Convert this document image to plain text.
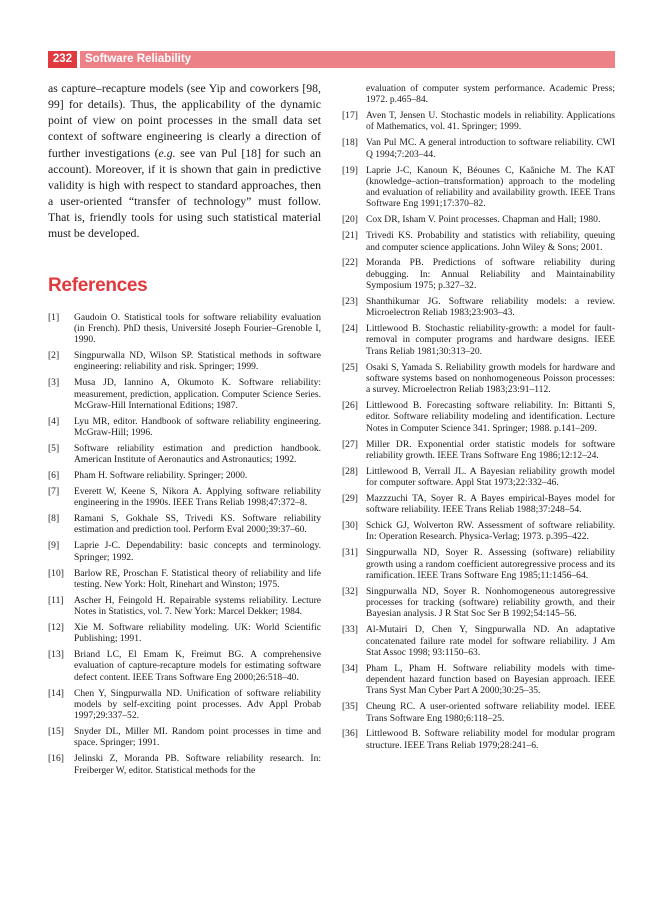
232	Software Reliability

as capture–recapture models (see Yip and coworkers [98, 99] for details). Thus, the applicability of the dynamic point of view on point processes in the small data set context of software engineering is clearly a direction of further investigations (e.g. see van Pul [18] for such an account). Moreover, if it is shown that gain in predictive validity is high with respect to standard approaches, then a user-oriented “transfer of technology” must follow. That is, friendly tools for using such statistical material must be developed.

References
[1]	Gaudoin O. Statistical tools for software reliability evaluation (in French). PhD thesis, Université Joseph Fourier–Grenoble I, 1990.
[2]	Singpurwalla ND, Wilson SP. Statistical methods in software engineering: reliability and risk. Springer; 1999.
[3]	Musa JD, Iannino A, Okumoto K. Software reliability: measurement, prediction, application. Computer Science Series. McGraw-Hill International Editions; 1987.
[4]	Lyu MR, editor. Handbook of software reliability engineering. McGraw-Hill; 1996.
[5]	Software reliability estimation and prediction handbook. American Institute of Aeronautics and Astronautics; 1992.
[6]	Pham H. Software reliability. Springer; 2000.
[7]	Everett W, Keene S, Nikora A. Applying software reliability engineering in the 1990s. IEEE Trans Reliab 1998;47:372–8.
[8]	Ramani S, Gokhale SS, Trivedi KS. Software reliability estimation and prediction tool. Perform Eval 2000;39:37–60.
[9]	Laprie J-C. Dependability: basic concepts and terminology. Springer; 1992.
[10]	Barlow RE, Proschan F. Statistical theory of reliability and life testing. New York: Holt, Rinehart and Winston; 1975.
[11]	Ascher H, Feingold H. Repairable systems reliability. Lecture Notes in Statistics, vol. 7. New York: Marcel Dekker; 1984.
[12]	Xie M. Software reliability modeling. UK: World Scientific Publishing; 1991.
[13]	Briand LC, El Emam K, Freimut BG. A comprehensive evaluation of capture-recapture models for estimating software defect content. IEEE Trans Software Eng 2000;26:518–40.
[14]	Chen Y, Singpurwalla ND. Unification of software reliability models by self-exciting point processes. Adv Appl Probab 1997;29:337–52.
[15]	Snyder DL, Miller MI. Random point processes in time and space. Springer; 1991.
[16]	Jelinski Z, Moranda PB. Software reliability research. In: Freiberger W, editor. Statistical methods for the
evaluation of computer system performance. Academic Press; 1972. p.465–84.
[17] Aven T, Jensen U. Stochastic models in reliability. Applications of Mathematics, vol. 41. Springer; 1999.
[18] Van Pul MC. A general introduction to software reliability. CWI Q 1994;7:203–44.
[19] Laprie J-C, Kanoun K, Béounes C, Kaâniche M. The KAT (knowledge–action–transformation) approach to the modeling and evaluation of reliability and availability growth. IEEE Trans Software Eng 1991;17:370–82.
[20] Cox DR, Isham V. Point processes. Chapman and Hall; 1980.
[21] Trivedi KS. Probability and statistics with reliability, queuing and computer science applications. John Wiley & Sons; 2001.
[22] Moranda PB. Predictions of software reliability during debugging. In: Annual Reliability and Maintainability Symposium 1975; p.327–32.
[23] Shanthikumar JG. Software reliability models: a review. Microelectron Reliab 1983;23:903–43.
[24] Littlewood B. Stochastic reliability-growth: a model for fault-removal in computer programs and hardware designs. IEEE Trans Reliab 1981;30:313–20.
[25] Osaki S, Yamada S. Reliability growth models for hardware and software systems based on nonhomogeneous Poisson processes: a survey. Microelectron Reliab 1983;23:91–112.
[26] Littlewood B. Forecasting software reliability. In: Bittanti S, editor. Software reliability modeling and identification. Lecture Notes in Computer Science 341. Springer; 1988. p.141–209.
[27] Miller DR. Exponential order statistic models for software reliability growth. IEEE Trans Software Eng 1986;12:12–24.
[28] Littlewood B, Verrall JL. A Bayesian reliability growth model for computer software. Appl Stat 1973;22:332–46.
[29] Mazzzuchi TA, Soyer R. A Bayes empirical-Bayes model for software reliability. IEEE Trans Reliab 1988;37:248–54.
[30] Schick GJ, Wolverton RW. Assessment of software reliability. In: Operation Research. Physica-Verlag; 1973. p.395–422.
[31] Singpurwalla ND, Soyer R. Assessing (software) reliability growth using a random coefficient autoregressive process and its ramification. IEEE Trans Software Eng 1985;11:1456–64.
[32] Singpurwalla ND, Soyer R. Nonhomogeneous autoregressive processes for tracking (software) reliability growth, and their Bayesian analysis. J R Stat Soc Ser B 1992;54:145–56.
[33] Al-Mutairi D, Chen Y, Singpurwalla ND. An adaptative concatenated failure rate model for software reliability. J Am Stat Assoc 1998; 93:1150–63.
[34] Pham L, Pham H. Software reliability models with time-dependent hazard function based on Bayesian approach. IEEE Trans Syst Man Cyber Part A 2000;30:25–35.
[35] Cheung RC. A user-oriented software reliability model. IEEE Trans Software Eng 1980;6:118–25.
[36] Littlewood B. Software reliability model for modular program structure. IEEE Trans Reliab 1979;28:241–6.
